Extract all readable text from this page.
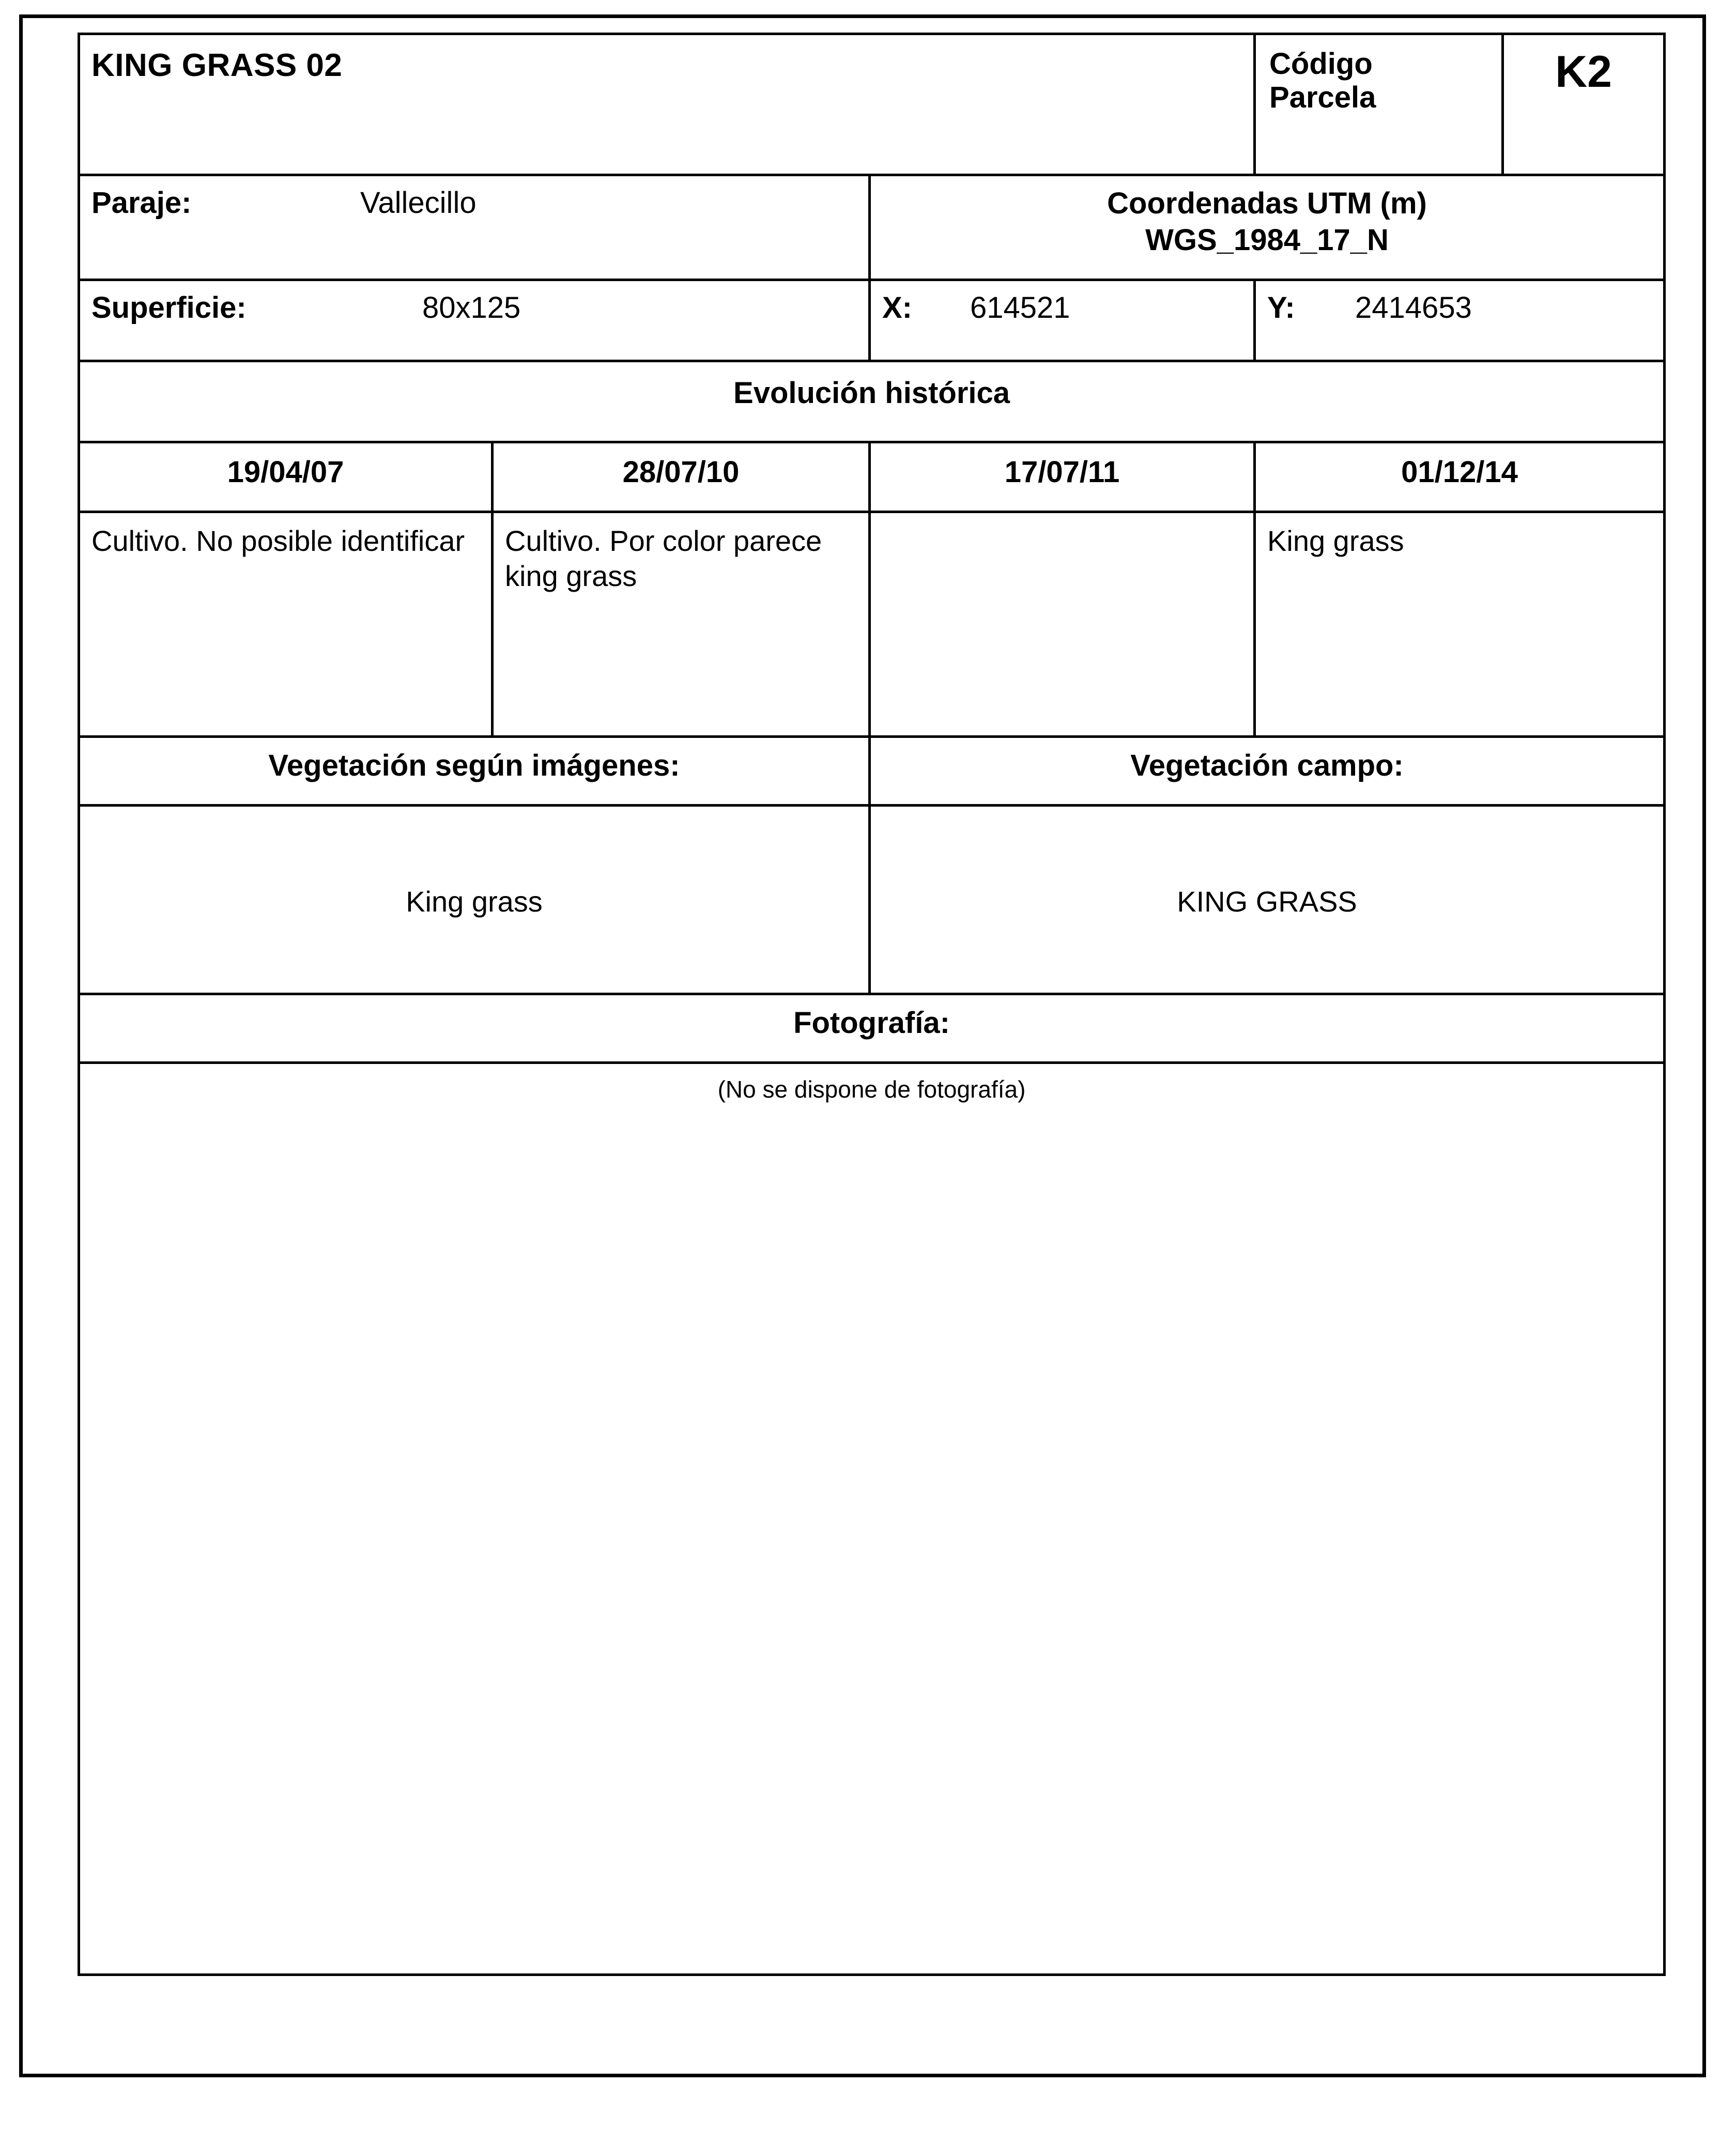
KING GRASS 02			Código
Parcela	K2

Paraje:	Vallecillo	Coordenadas UTM (m)
WGS_1984_17_N

Superficie: 80x125		X: 614521	Y: 2414653	

Evolución histórica				

19/04/07	28/07/10	17/07/11	01/12/14	

Cultivo. No posible identificar	Cultivo. Por color parece king grass		King grass	

Vegetación según imágenes:		Vegetación campo:		

King grass		KING GRASS		

Fotografía:				

(No se dispone de fotografía)				
